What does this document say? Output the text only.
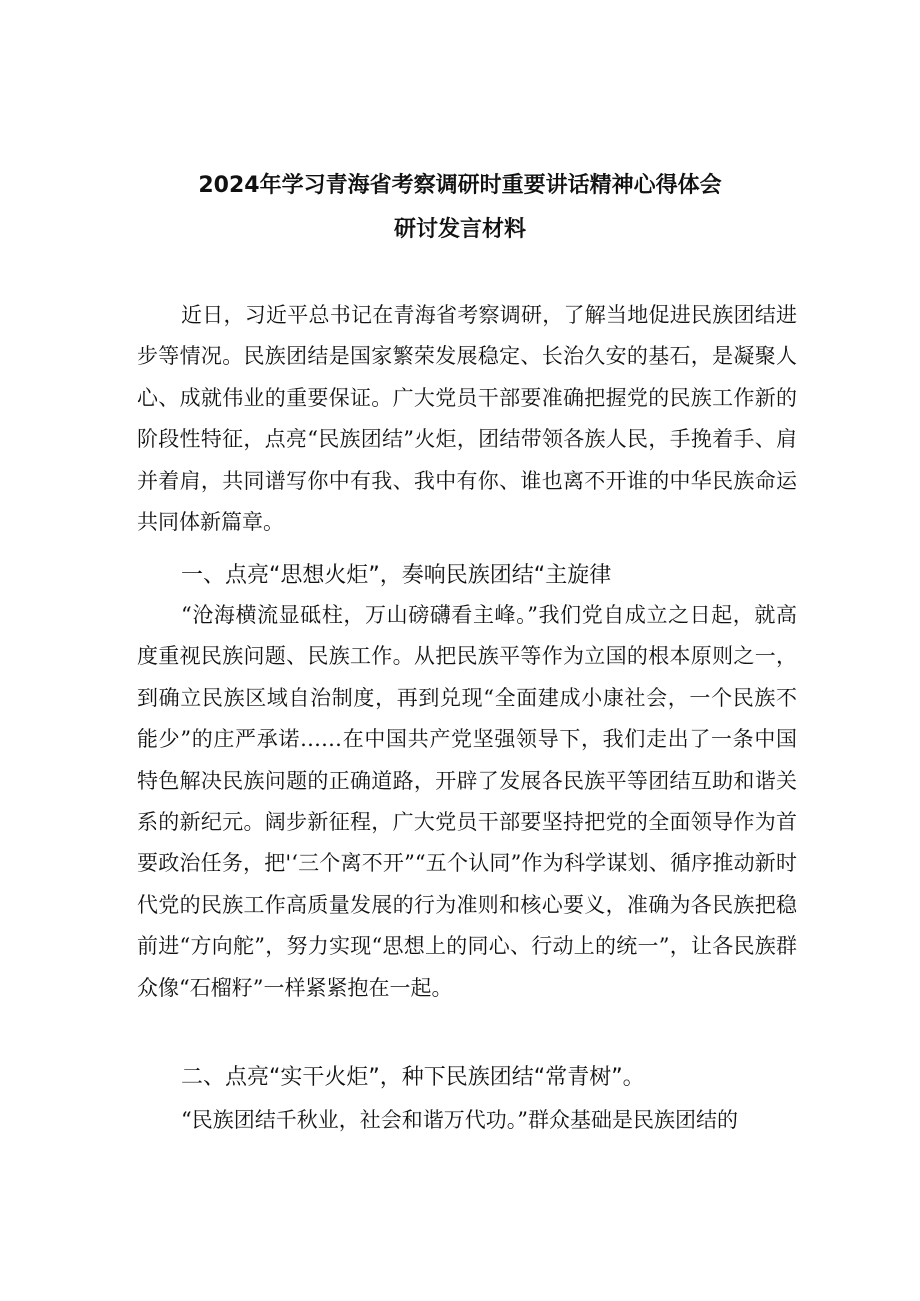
2024年学习青海省考察调研时重要讲话精神心得体会
研讨发言材料

近日，习近平总书记在青海省考察调研，了解当地促进民族团结进步等情况。民族团结是国家繁荣发展稳定、长治久安的基石，是凝聚人心、成就伟业的重要保证。广大党员干部要准确把握党的民族工作新的阶段性特征，点亮“民族团结”火炬，团结带领各族人民，手挽着手、肩并着肩，共同谱写你中有我、我中有你、谁也离不开谁的中华民族命运共同体新篇章。

一、点亮“思想火炬”，奏响民族团结“主旋律

“沧海横流显砥柱，万山磅礴看主峰。”我们党自成立之日起，就高度重视民族问题、民族工作。从把民族平等作为立国的根本原则之一，到确立民族区域自治制度，再到兑现“全面建成小康社会，一个民族不能少”的庄严承诺……在中国共产党坚强领导下，我们走出了一条中国特色解决民族问题的正确道路，开辟了发展各民族平等团结互助和谐关系的新纪元。阔步新征程，广大党员干部要坚持把党的全面领导作为首要政治任务，把'‘三个离不开”“五个认同”作为科学谋划、循序推动新时代党的民族工作高质量发展的行为准则和核心要义，准确为各民族把稳前进“方向舵”，努力实现“思想上的同心、行动上的统一”，让各民族群众像“石榴籽”一样紧紧抱在一起。

二、点亮“实干火炬”，种下民族团结“常青树”。

“民族团结千秋业，社会和谐万代功。”群众基础是民族团结的
